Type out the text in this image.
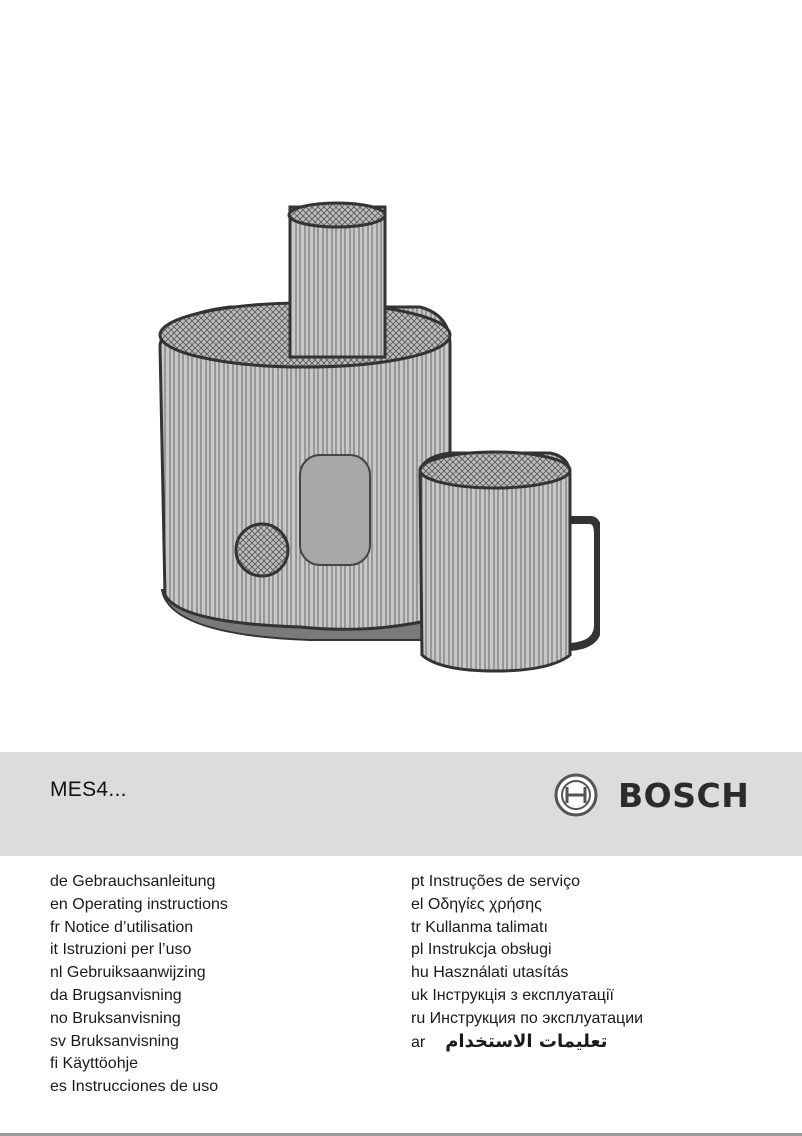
MES4...	BOSCH
de Gebrauchsanleitung
en Operating instructions
fr Notice d’utilisation
it Istruzioni per l’uso
nl Gebruiksaanwijzing
da Brugsanvisning
no Bruksanvisning
sv Bruksanvisning
fi Käyttöohje
es Instrucciones de uso
pt Instruções de serviço
el Οδηγίες χρήσης
tr Kullanma talimatı
pl Instrukcja obsługi
hu Használati utasítás
uk Інструкція з експлуатації
ru Инструкция по эксплуатации
ar تعليمات الاستخدام
